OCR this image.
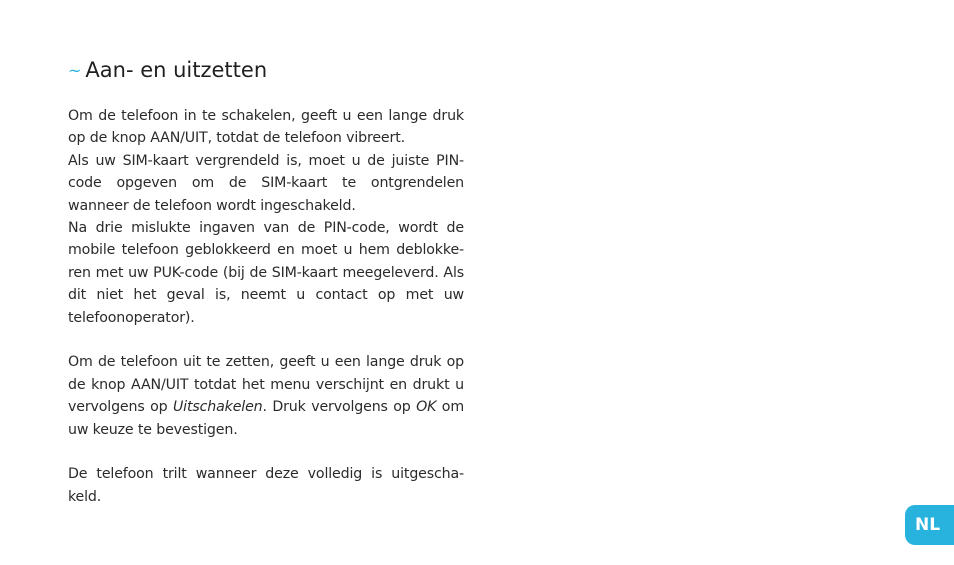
~ Aan- en uitzetten

Om de telefoon in te schakelen, geeft u een lange druk op de knop AAN/UIT, totdat de telefoon vibreert.

Als uw SIM-kaart vergrendeld is, moet u de juiste PIN-code opgeven om de SIM-kaart te ontgrendelen wanneer de telefoon wordt ingeschakeld.

Na drie mislukte ingaven van de PIN-code, wordt de mobile telefoon geblokkeerd en moet u hem deblokke-ren met uw PUK-code (bij de SIM-kaart meegeleverd. Als dit niet het geval is, neemt u contact op met uw telefoonoperator).

Om de telefoon uit te zetten, geeft u een lange druk op de knop AAN/UIT totdat het menu verschijnt en drukt u vervolgens op Uitschakelen. Druk vervolgens op OK om uw keuze te bevestigen.

De telefoon trilt wanneer deze volledig is uitgescha-keld.

NL
